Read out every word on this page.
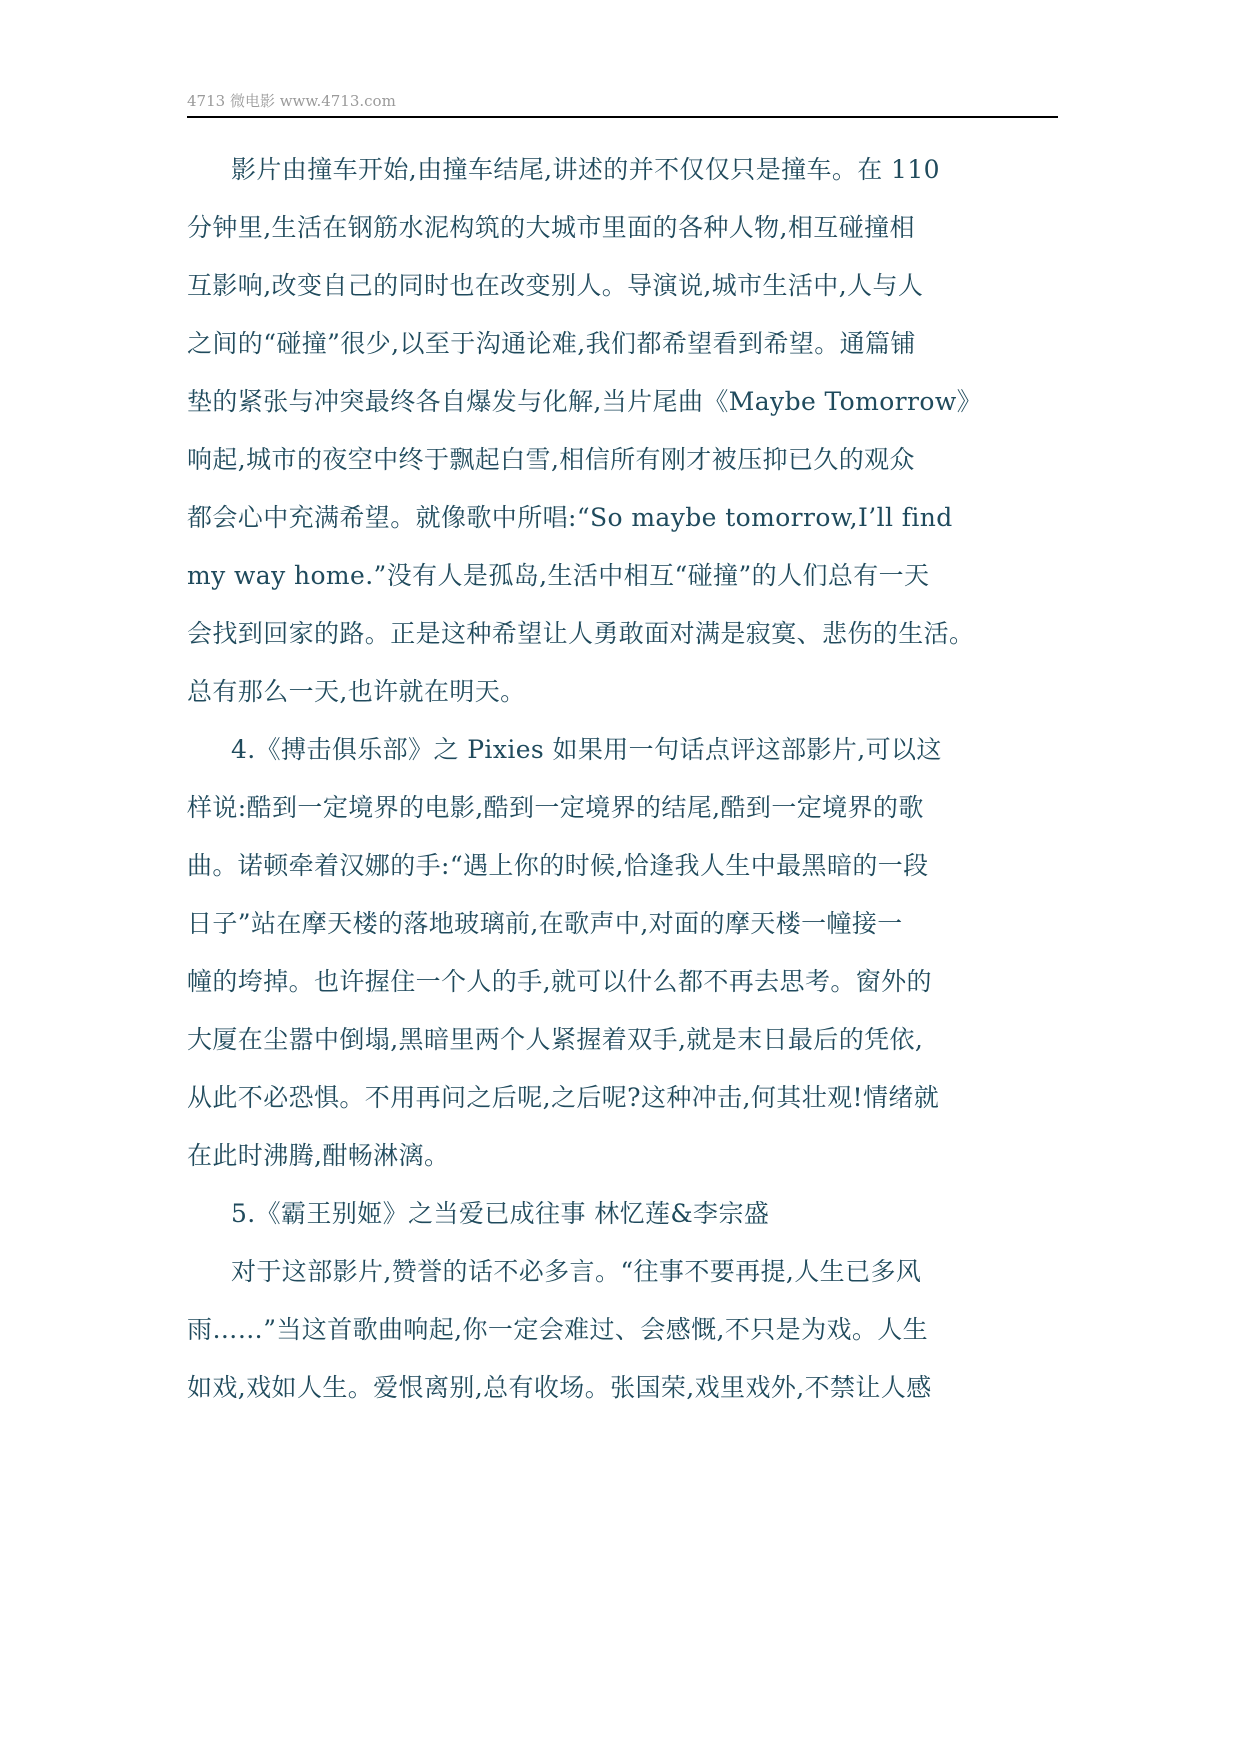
4713 微电影 www.4713.com
影片由撞车开始,由撞车结尾,讲述的并不仅仅只是撞车。在 110
分钟里,生活在钢筋水泥构筑的大城市里面的各种人物,相互碰撞相
互影响,改变自己的同时也在改变别人。导演说,城市生活中,人与人
之间的“碰撞”很少,以至于沟通论难,我们都希望看到希望。通篇铺
垫的紧张与冲突最终各自爆发与化解,当片尾曲《Maybe Tomorrow》
响起,城市的夜空中终于飘起白雪,相信所有刚才被压抑已久的观众
都会心中充满希望。就像歌中所唱:“So maybe tomorrow,I’ll find
my way home.”没有人是孤岛,生活中相互“碰撞”的人们总有一天
会找到回家的路。正是这种希望让人勇敢面对满是寂寞、悲伤的生活。
总有那么一天,也许就在明天。
4.《搏击俱乐部》之 Pixies 如果用一句话点评这部影片,可以这
样说:酷到一定境界的电影,酷到一定境界的结尾,酷到一定境界的歌
曲。诺顿牵着汉娜的手:“遇上你的时候,恰逢我人生中最黑暗的一段
日子”站在摩天楼的落地玻璃前,在歌声中,对面的摩天楼一幢接一
幢的垮掉。也许握住一个人的手,就可以什么都不再去思考。窗外的
大厦在尘嚣中倒塌,黑暗里两个人紧握着双手,就是末日最后的凭依,
从此不必恐惧。不用再问之后呢,之后呢?这种冲击,何其壮观!情绪就
在此时沸腾,酣畅淋漓。
5.《霸王别姬》之当爱已成往事 林忆莲&李宗盛
对于这部影片,赞誉的话不必多言。“往事不要再提,人生已多风
雨……”当这首歌曲响起,你一定会难过、会感慨,不只是为戏。人生
如戏,戏如人生。爱恨离别,总有收场。张国荣,戏里戏外,不禁让人感
